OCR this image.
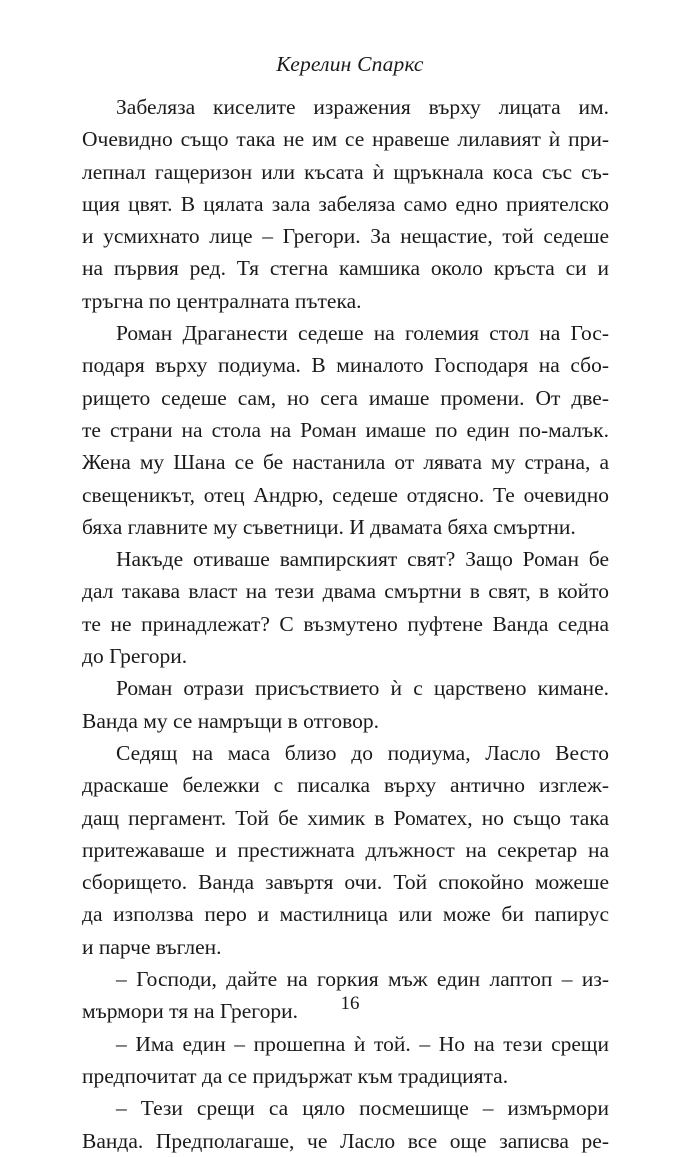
Керелин Спаркс
Забеляза киселите изражения върху лицата им.
Очевидно също така не им се нравеше лилавият ѝ при-
лепнал гащеризон или късата ѝ щръкнала коса със съ-
щия цвят. В цялата зала забеляза само едно приятелско
и усмихнато лице – Грегори. За нещастие, той седеше
на първия ред. Тя стегна камшика около кръста си и
тръгна по централната пътека.
Роман Драганести седеше на големия стол на Гос-
подаря върху подиума. В миналото Господаря на сбо-
рището седеше сам, но сега имаше промени. От две-
те страни на стола на Роман имаше по един по-малък.
Жена му Шана се бе настанила от лявата му страна, а
свещеникът, отец Андрю, седеше отдясно. Те очевидно
бяха главните му съветници. И двамата бяха смъртни.
Накъде отиваше вампирският свят? Защо Роман бе
дал такава власт на тези двама смъртни в свят, в който
те не принадлежат? С възмутено пуфтене Ванда седна
до Грегори.
Роман отрази присъствието ѝ с царствено кимане.
Ванда му се намръщи в отговор.
Седящ на маса близо до подиума, Ласло Весто
драскаше бележки с писалка върху антично изглеж-
дащ пергамент. Той бе химик в Роматех, но също така
притежаваше и престижната длъжност на секретар на
сборището. Ванда завъртя очи. Той спокойно можеше
да използва перо и мастилница или може би папирус
и парче въглен.
– Господи, дайте на горкия мъж един лаптоп – из-
мърмори тя на Грегори.
– Има един – прошепна ѝ той. – Но на тези срещи
предпочитат да се придържат към традицията.
– Тези срещи са цяло посмешище – измърмори
Ванда. Предполагаше, че Ласло все още записва ре-
16
